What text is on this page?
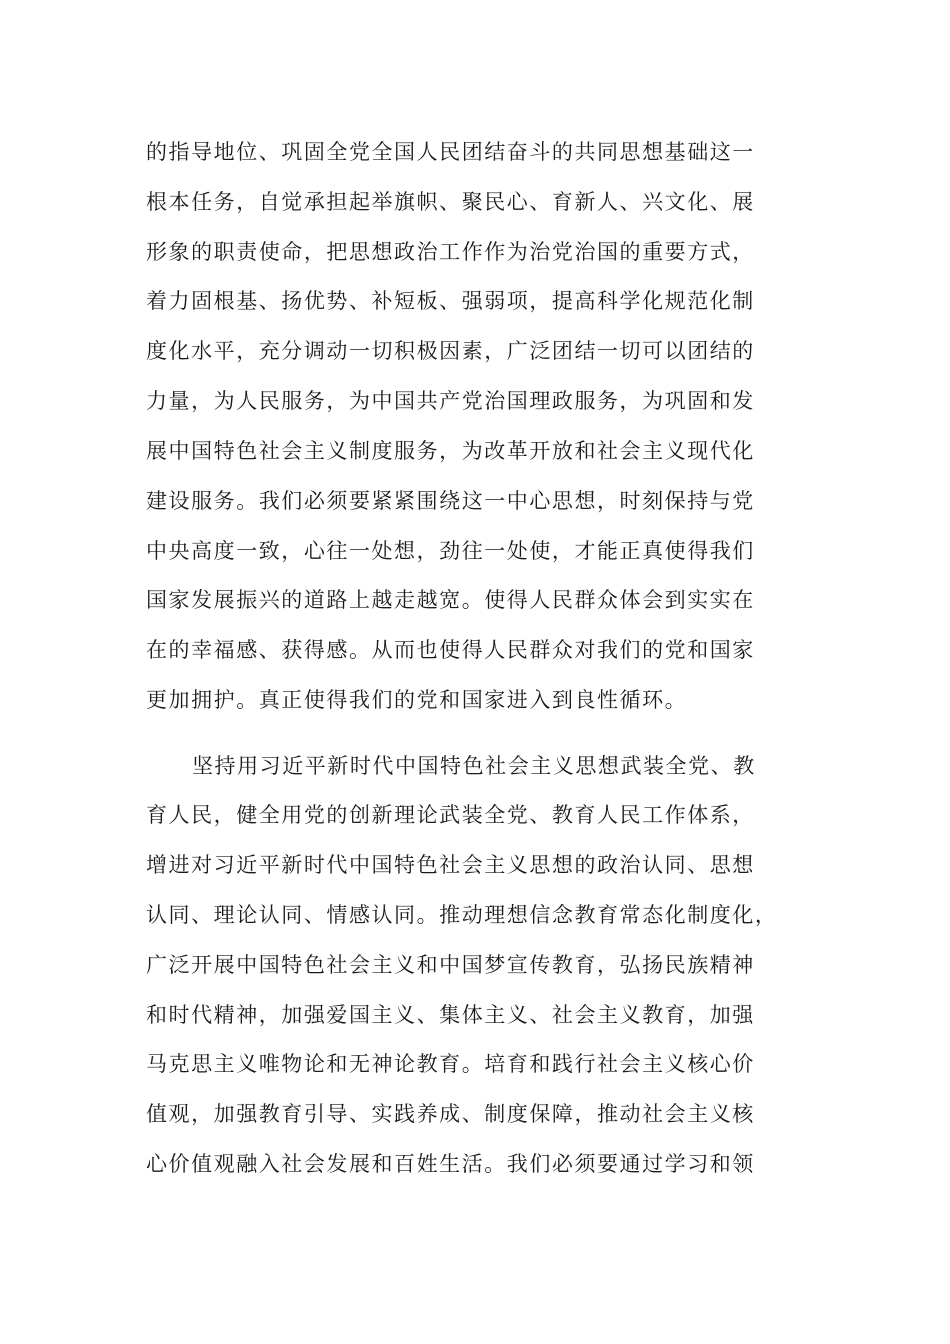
的指导地位、巩固全党全国人民团结奋斗的共同思想基础这一
根本任务，自觉承担起举旗帜、聚民心、育新人、兴文化、展
形象的职责使命，把思想政治工作作为治党治国的重要方式，
着力固根基、扬优势、补短板、强弱项，提高科学化规范化制
度化水平，充分调动一切积极因素，广泛团结一切可以团结的
力量，为人民服务，为中国共产党治国理政服务，为巩固和发
展中国特色社会主义制度服务，为改革开放和社会主义现代化
建设服务。我们必须要紧紧围绕这一中心思想，时刻保持与党
中央高度一致，心往一处想，劲往一处使，才能正真使得我们
国家发展振兴的道路上越走越宽。使得人民群众体会到实实在
在的幸福感、获得感。从而也使得人民群众对我们的党和国家
更加拥护。真正使得我们的党和国家进入到良性循环。
坚持用习近平新时代中国特色社会主义思想武装全党、教
育人民，健全用党的创新理论武装全党、教育人民工作体系，
增进对习近平新时代中国特色社会主义思想的政治认同、思想
认同、理论认同、情感认同。推动理想信念教育常态化制度化，
广泛开展中国特色社会主义和中国梦宣传教育，弘扬民族精神
和时代精神，加强爱国主义、集体主义、社会主义教育，加强
马克思主义唯物论和无神论教育。培育和践行社会主义核心价
值观，加强教育引导、实践养成、制度保障，推动社会主义核
心价值观融入社会发展和百姓生活。我们必须要通过学习和领
